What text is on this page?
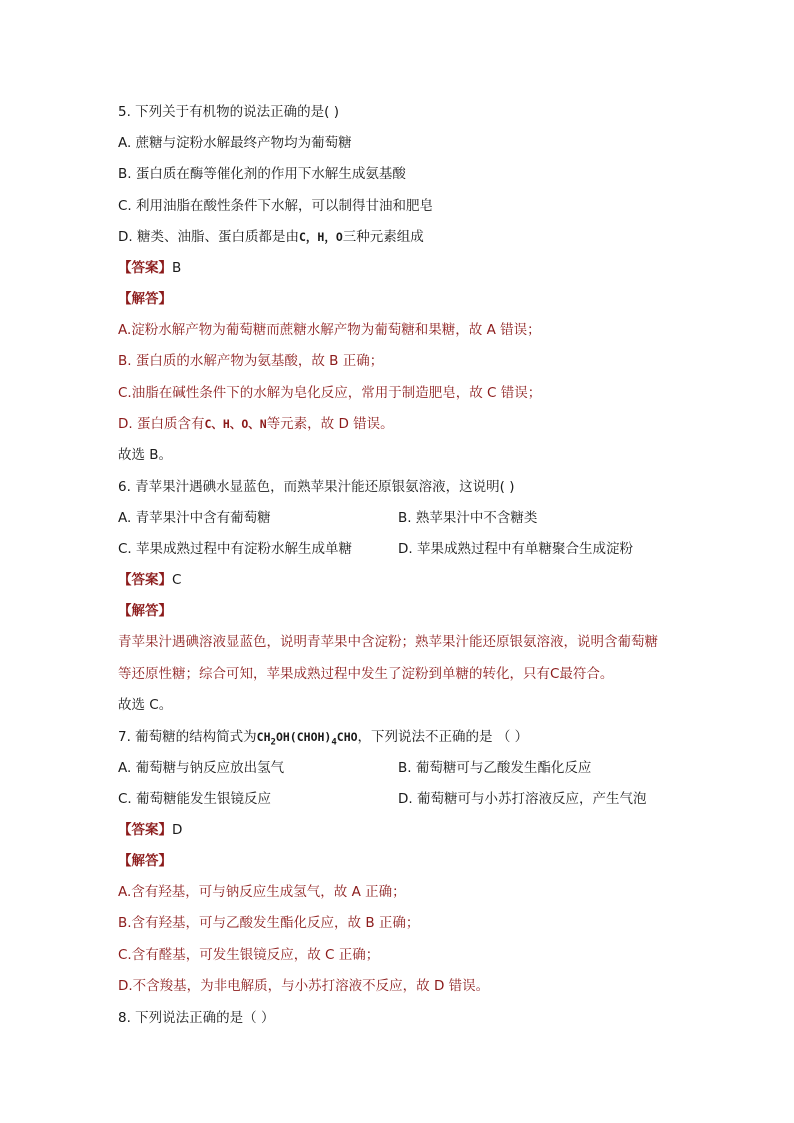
5. 下列关于有机物的说法正确的是( )
A. 蔗糖与淀粉水解最终产物均为葡萄糖
B. 蛋白质在酶等催化剂的作用下水解生成氨基酸
C. 利用油脂在酸性条件下水解，可以制得甘油和肥皂
D. 糖类、油脂、蛋白质都是由C，H，O三种元素组成
【答案】B
【解答】
A.淀粉水解产物为葡萄糖而蔗糖水解产物为葡萄糖和果糖，故 A 错误；
B. 蛋白质的水解产物为氨基酸，故 B 正确；
C.油脂在碱性条件下的水解为皂化反应，常用于制造肥皂，故 C 错误；
D. 蛋白质含有C、H、O、N等元素，故 D 错误。
故选 B。
6. 青苹果汁遇碘水显蓝色，而熟苹果汁能还原银氨溶液，这说明( )
A. 青苹果汁中含有葡萄糖	B. 熟苹果汁中不含糖类
C. 苹果成熟过程中有淀粉水解生成单糖	D. 苹果成熟过程中有单糖聚合生成淀粉
【答案】C
【解答】
青苹果汁遇碘溶液显蓝色，说明青苹果中含淀粉；熟苹果汁能还原银氨溶液，说明含葡萄糖
等还原性糖；综合可知，苹果成熟过程中发生了淀粉到单糖的转化，只有C最符合。
故选 C。
7. 葡萄糖的结构简式为$CH_2OH(CHOH)_4CHO$，下列说法不正确的是 （ ）
A. 葡萄糖与钠反应放出氢气	B. 葡萄糖可与乙酸发生酯化反应
C. 葡萄糖能发生银镜反应	D. 葡萄糖可与小苏打溶液反应，产生气泡
【答案】D
【解答】
A.含有羟基，可与钠反应生成氢气，故 A 正确；
B.含有羟基，可与乙酸发生酯化反应，故 B 正确；
C.含有醛基，可发生银镜反应，故 C 正确；
D.不含羧基，为非电解质，与小苏打溶液不反应，故 D 错误。
8. 下列说法正确的是（ ）
